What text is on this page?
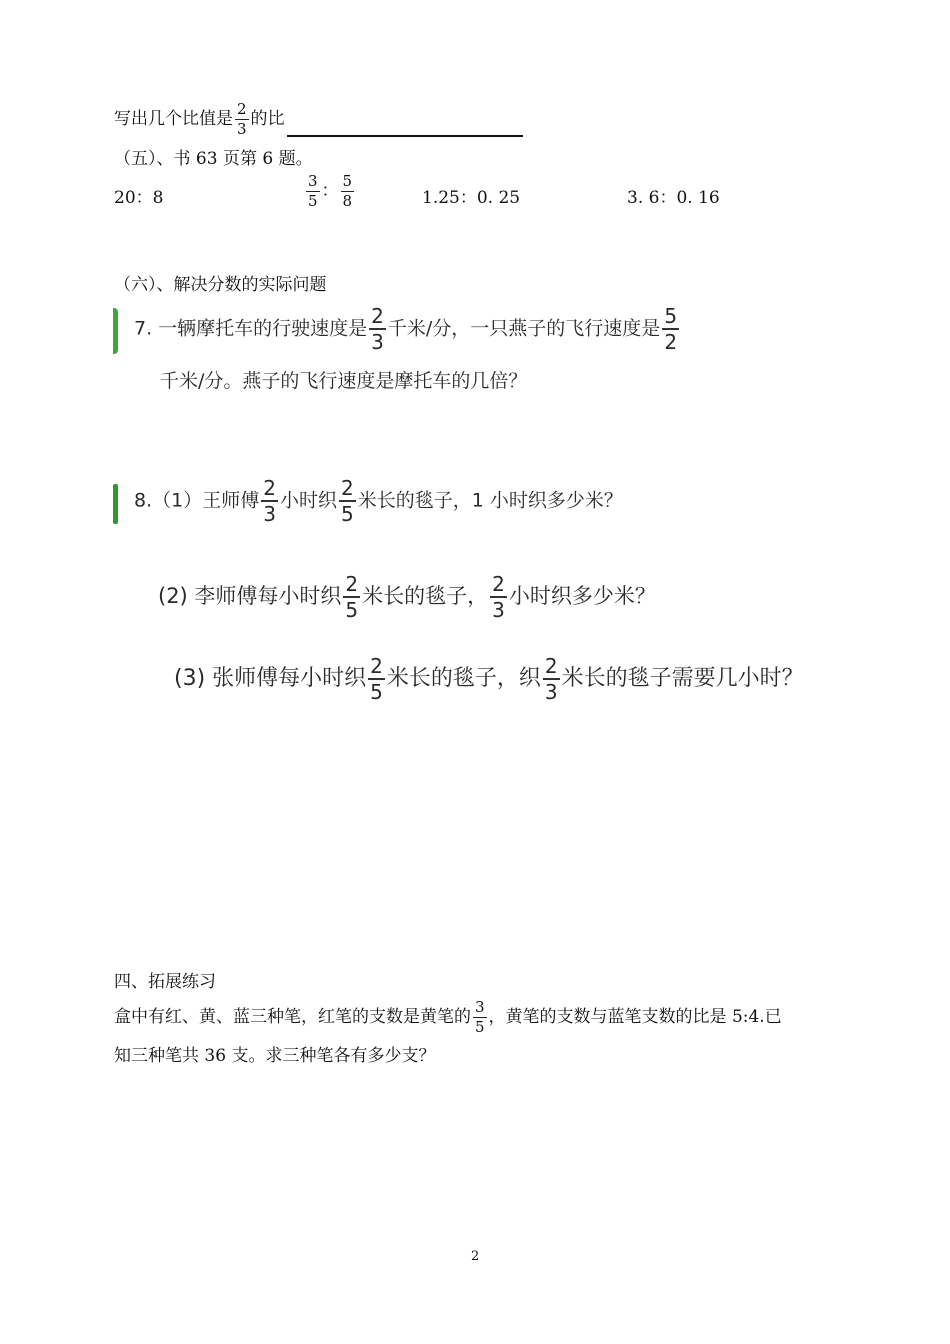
写出几个比值是 $\frac{2}{3}$ 的比
（五）、书 63 页第 6 题。
20：8	$\frac{3}{5}$ ： $\frac{5}{8}$	1.25：0. 25	3. 6：0. 16
（六）、解决分数的实际问题
7. 一辆摩托车的行驶速度是 $\frac{2}{3}$ 千米/分，一只燕子的飞行速度是 $\frac{5}{2}$
千米/分。燕子的飞行速度是摩托车的几倍？
8.（1）王师傅 $\frac{2}{3}$ 小时织 $\frac{2}{5}$ 米长的毯子，1 小时织多少米？
(2) 李师傅每小时织 $\frac{2}{5}$ 米长的毯子， $\frac{2}{3}$ 小时织多少米？
(3) 张师傅每小时织 $\frac{2}{5}$ 米长的毯子，织 $\frac{2}{3}$ 米长的毯子需要几小时？
四、拓展练习
盒中有红、黄、蓝三种笔，红笔的支数是黄笔的 $\frac{3}{5}$ ，黄笔的支数与蓝笔支数的比是 5:4.已
知三种笔共 36 支。求三种笔各有多少支？
2
